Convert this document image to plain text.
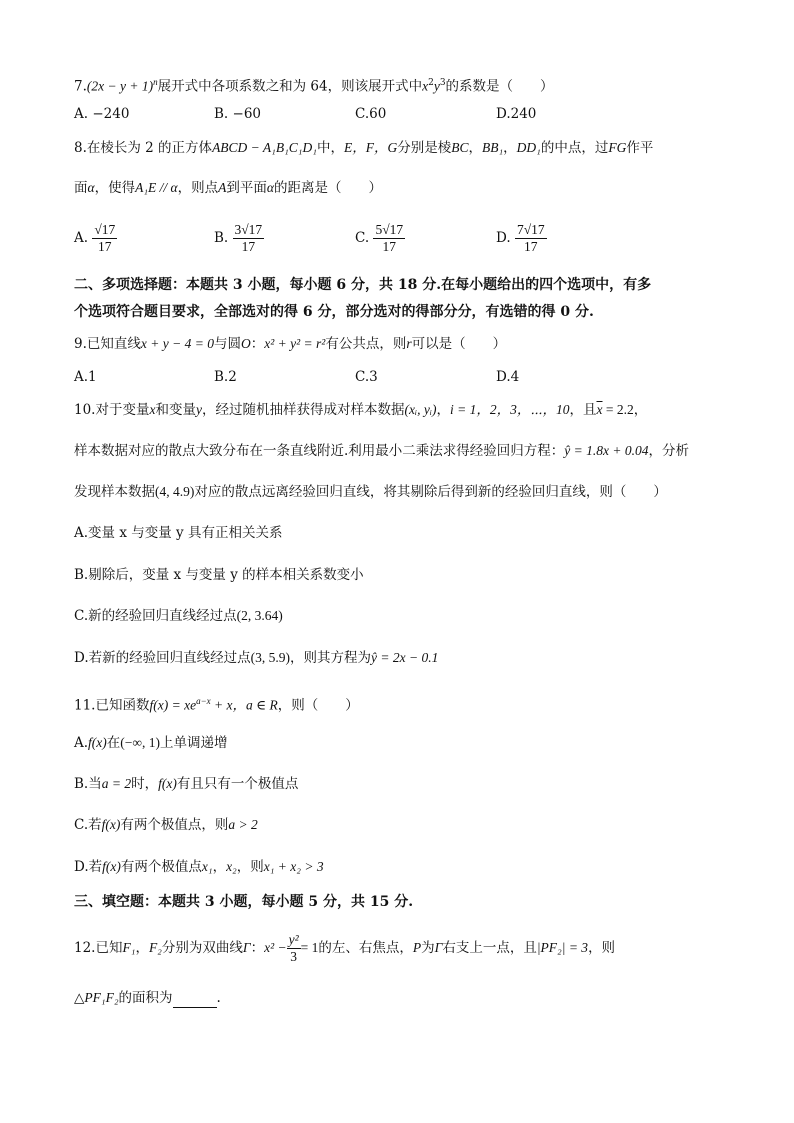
$7.(2x - y + 1)^n$展开式中各项系数之和为 64，则该展开式中$x^2y^3$的系数是（　　）
A. −240	B. −60	C.60	D.240
8.在棱长为 2 的正方体ABCD − A₁B₁C₁D₁中，E，F，G分别是棱BC，BB₁，DD₁的中点，过FG作平
面α，使得A₁E // α，则点A到平面α的距离是（　　）
A. $\frac{√17}{17}$	B. $\frac{3√17}{17}$	C. $\frac{5√17}{17}$	D. $\frac{7√17}{17}$
二、多项选择题：本题共 3 小题，每小题 6 分，共 18 分.在每小题给出的四个选项中，有多
个选项符合题目要求，全部选对的得 6 分，部分选对的得部分分，有选错的得 0 分.
9.已知直线x + y − 4 = 0与圆O：x² + y² = r²有公共点，则r可以是（　　）
A.1	B.2	C.3	D.4
10.对于变量x和变量y，经过随机抽样获得成对样本数据(xᵢ, yᵢ)，i = 1，2，3，⋯，10，且$\overline{x} = 2.2$，
样本数据对应的散点大致分布在一条直线附近.利用最小二乘法求得经验回归方程：ŷ = 1.8x + 0.04，分析
发现样本数据(4, 4.9)对应的散点远离经验回归直线，将其剔除后得到新的经验回归直线，则（　　）
A.变量 x 与变量 y 具有正相关关系
B.剔除后，变量 x 与变量 y 的样本相关系数变小
C.新的经验回归直线经过点(2, 3.64)
D.若新的经验回归直线经过点(3, 5.9)，则其方程为ŷ = 2x − 0.1
11.已知函数$f(x) = xe^{a-x} + x$，a ∈ R，则（　　）
A.f(x)在(−∞, 1)上单调递增
B.当a = 2时，f(x)有且只有一个极值点
C.若f(x)有两个极值点，则a > 2
D.若f(x)有两个极值点x₁，x₂，则x₁ + x₂ > 3
三、填空题：本题共 3 小题，每小题 5 分，共 15 分.
12.已知F₁，F₂分别为双曲线Γ：$x^2 - \frac{\text{y²}}{3} = 1$的左、右焦点，P为Γ右支上一点，且|PF₂| = 3，则
△PF₁F₂的面积为	.
